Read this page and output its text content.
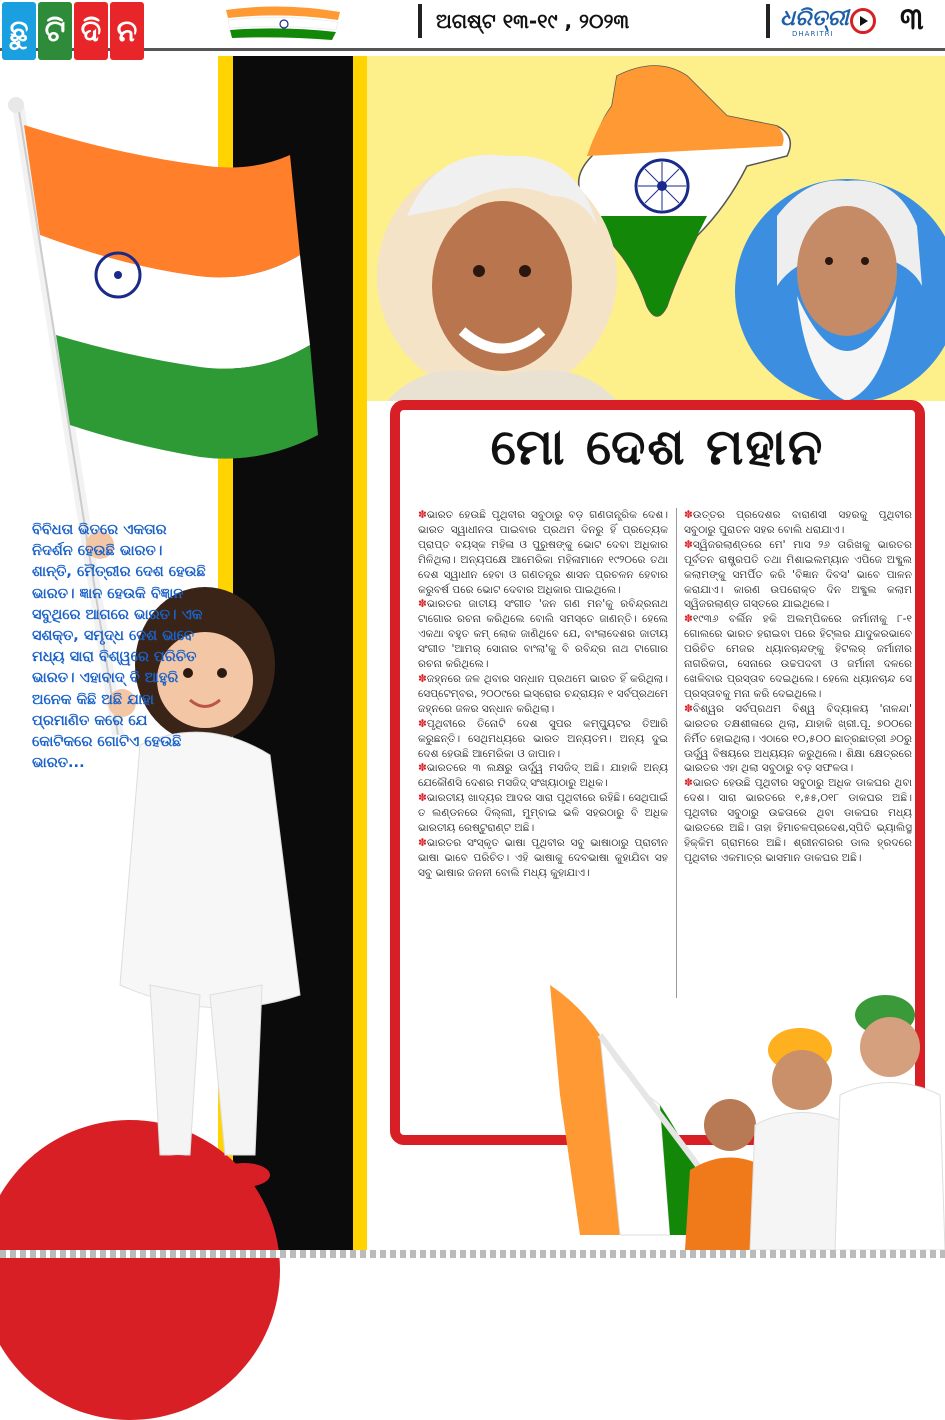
ଛୁ ଟି ଦି ନ	ଅଗଷ୍ଟ ୧୩-୧୯ , ୨୦୨୩	ଧରିତ୍ରୀ
DHARITRI ୩
ବିବିଧତା ଭିତରେ ଏକତାର ନିଦର୍ଶନ ହେଉଛି ଭାରତ। ଶାନ୍ତି, ମୈତ୍ରୀର ଦେଶ ହେଉଛି ଭାରତ। ଜ୍ଞାନ ହେଉକି ବିଜ୍ଞାନ ସବୁଥିରେ ଆଗରେ ଭାରତ। ଏକ ସଶକ୍ତ, ସମୃଦ୍ଧ ଦେଶ ଭାବେ ମଧ୍ୟ ସାରା ବିଶ୍ୱରେ ପରିଚିତ ଭାରତ। ଏହାବାଦ୍ ବି ଆହୁରି ଅନେକ କିଛି ଅଛି ଯାହା ପ୍ରମାଣିତ କରେ ଯେ କୋଟିକରେ ଗୋଟିଏ ହେଉଛି ଭାରତ...
ମୋ ଦେଶ ମହାନ

✽ଭାରତ ହେଉଛି ପୃଥିବୀର ସବୁଠାରୁ ବଡ଼ ଗଣତାନ୍ତ୍ରିକ ଦେଶ। ଭାରତ ସ୍ୱାଧୀନତା ପାଇବାର ପ୍ରଥମ ଦିନରୁ ହିଁ ପ୍ରତ୍ୟେକ ପ୍ରାପ୍ତ ବୟସ୍କ ମହିଳା ଓ ପୁରୁଷଙ୍କୁ ଭୋଟ ଦେବା ଅଧିକାର ମିଳିଥିଲା। ଅନ୍ୟପକ୍ଷେ ଆମେରିକା ମହିଳାମାନେ ୧୯୨୦ରେ ତଥା ଦେଶ ସ୍ୱାଧୀନ ହେବା ଓ ଗଣତନ୍ତ୍ର ଶାସନ ପ୍ରଚଳନ ହେବାର କରୁବର୍ଷ ପରେ ଭୋଟ ଦେବାର ଅଧିକାର ପାଇଥିଲେ।

✽ଭାରତର ଜାତୀୟ ସଂଗୀତ 'ଜନ ଗଣ ମନ'କୁ ରବିନ୍ଦ୍ରନାଥ ଟାଗୋର ରଚନା କରିଥିଲେ ବୋଲି ସମସ୍ତେ ଜାଣନ୍ତି। ହେଲେ ଏକଥା ବହୁତ କମ୍ ଲୋକ ଜାଣିଥିବେ ଯେ, ବାଂଲାଦେଶର ଜାତୀୟ ସଂଗୀତ 'ଆମର୍ ସୋନାର ବାଂଲା'କୁ ବି ରବିନ୍ଦ୍ର ନାଥ ଟାଗୋର ରଚନା କରିଥିଲେ।

✽ଜହ୍ନରେ ଜଳ ଥିବାର ସନ୍ଧାନ ପ୍ରଥମେ ଭାରତ ହିଁ କରିଥିଲା। ସେପ୍ଟେମ୍ବର, ୨୦୦୯ରେ ଇସ୍ରୋର ଚନ୍ଦ୍ରାୟନ ୧ ସର୍ବପ୍ରଥମେ ଜହ୍ନରେ ଜଳର ସନ୍ଧାନ କରିଥିଲା।

✽ପୃଥିବୀରେ ତିନୋଟି ଦେଶ ସୁପର କମ୍ପ୍ୟୁଟର ତିଆରି କରୁଛନ୍ତି। ସେଥିମଧ୍ୟରେ ଭାରତ ଅନ୍ୟତମ। ଅନ୍ୟ ଦୁଇ ଦେଶ ହେଉଛି ଆମେରିକା ଓ ଜାପାନ।

✽ଭାରତରେ ୩ ଲକ୍ଷରୁ ଊର୍ଦ୍ଧ୍ୱ ମସଜିଦ୍ ଅଛି। ଯାହାକି ଅନ୍ୟ ଯେକୌଣସି ଦେଶର ମସଜିଦ୍ ସଂଖ୍ୟାଠାରୁ ଅଧିକ।

✽ଭାରତୀୟ ଖାଦ୍ୟର ଆଦର ସାରା ପୃଥିବୀରେ ରହିଛି। ସେଥିପାଇଁ ତ ଲଣ୍ଡନରେ ଦିଲ୍ଲୀ, ମୁମ୍ବାଇ ଭଳି ସହରଠାରୁ ବି ଅଧିକ ଭାରତୀୟ ରେଷ୍ଟୁରାଣ୍ଟ ଅଛି।

✽ଭାରତର ସଂସ୍କୃତ ଭାଷା ପୃଥିବୀର ସବୁ ଭାଷାଠାରୁ ପ୍ରାଚୀନ ଭାଷା ଭାବେ ପରିଚିତ। ଏହି ଭାଷାକୁ ଦେବଭାଷା କୁହାଯିବା ସହ ସବୁ ଭାଷାର ଜନନୀ ବୋଲି ମଧ୍ୟ କୁହାଯାଏ।

✽ଉତ୍ତର ପ୍ରଦେଶର ବାରାଣସୀ ସହରକୁ ପୃଥିବୀର ସବୁଠାରୁ ପୁରାତନ ସହର ବୋଲି ଧରାଯାଏ।

✽ସ୍ୱିଜରଲାଣ୍ଡରେ ମେ' ମାସ ୨୬ ତାରିଖକୁ ଭାରତର ପୂର୍ବତନ ରାଷ୍ଟ୍ରପତି ତଥା ମିଶାଇଲମ୍ୟାନ ଏପିଜେ ଅବ୍ଦୁଲ କଲାମଙ୍କୁ ସମର୍ପିତ କରି 'ବିଜ୍ଞାନ ଦିବସ' ଭାବେ ପାଳନ କରାଯାଏ। କାରଣ ଉପରୋକ୍ତ ଦିନ ଅବ୍ଦୁଲ କଲାମ ସ୍ୱିଜରଲାଣ୍ଡ ଗସ୍ତରେ ଯାଇଥିଲେ।

✽୧୯୩୬ ବର୍ଲିନ ହକି ଅଲମ୍ପିକରେ ଜର୍ମାନୀକୁ ୮-୧ ଗୋଲରେ ଭାରତ ହରାଇବା ପରେ ହିଟ୍ଲର ଯାଦୁକରଭାବେ ପରିଚିତ ମେଜର ଧ୍ୟାନଚାନ୍ଦଙ୍କୁ ହିଟଲର୍ ଜର୍ମାନୀର ନାଗରିକତା, ସେନାରେ ଉଚ୍ଚପଦବୀ ଓ ଜର୍ମାନୀ ଦଳରେ ଖେଳିବାର ପ୍ରସ୍ତାବ ଦେଇଥିଲେ। ହେଲେ ଧ୍ୟାନଚାନ୍ଦ ସେ ପ୍ରସ୍ତାବକୁ ମନା କରି ଦେଇଥିଲେ।

✽ବିଶ୍ୱର ସର୍ବପ୍ରଥମ ବିଶ୍ୱ ବିଦ୍ୟାଳୟ 'ନାଳନ୍ଦା' ଭାରତର ତକ୍ଷଶୀଳାରେ ଥିଲା, ଯାହାକି ଖ୍ରୀ.ପୂ. ୭୦୦ରେ ନିର୍ମିତ ହୋଇଥିଲା। ଏଠାରେ ୧୦,୫୦୦ ଛାତ୍ରଛାତ୍ରୀ ୬୦ରୁ ଊର୍ଦ୍ଧ୍ୱ ବିଷୟରେ ଅଧ୍ୟୟନ କରୁଥିଲେ। ଶିକ୍ଷା କ୍ଷେତ୍ରରେ ଭାରତର ଏହା ଥିଲା ସବୁଠାରୁ ବଡ଼ ସଫଳତା।

✽ଭାରତ ହେଉଛି ପୃଥିବୀର ସବୁଠାରୁ ଅଧିକ ଡାକଘର ଥିବା ଦେଶ। ସାରା ଭାରତରେ ୧,୫୫,୦୧୮ ଡାକଘର ଅଛି। ପୃଥିବୀର ସବୁଠାରୁ ଉଚ୍ଚତାରେ ଥିବା ଡାକଘର ମଧ୍ୟ ଭାରତରେ ଅଛି। ତାହା ହିମାଚଳପ୍ରଦେଶ,ସ୍ପିତି ଭ୍ୟାଲିସ୍ଥ ହିକ୍କିମ ଗ୍ରାମରେ ଅଛି। ଶ୍ରୀନଗରର ଡାଲ ହ୍ରଦରେ ପୃଥିବୀର ଏକମାତ୍ର ଭାସମାନ ଡାକଘର ଅଛି।
